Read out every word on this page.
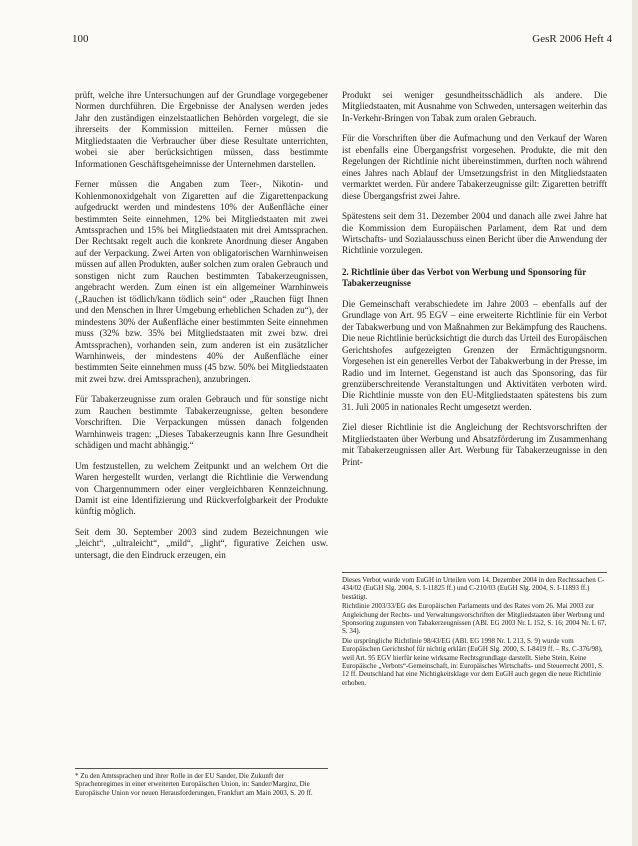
100	GesR 2006 Heft 4

prüft, welche ihre Untersuchungen auf der Grundlage vorgegebener Normen durchführen. Die Ergebnisse der Analysen werden jedes Jahr den zuständigen einzelstaatlichen Behörden vorgelegt, die sie ihrerseits der Kommission mitteilen. Ferner müssen die Mitgliedstaaten die Verbraucher über diese Resultate unterrichten, wobei sie aber berücksichtigen müssen, dass bestimmte Informationen Geschäftsgeheimnisse der Unternehmen darstellen.

Ferner müssen die Angaben zum Teer-, Nikotin- und Kohlenmonoxidgehalt von Zigaretten auf die Zigarettenpackung aufgedruckt werden und mindestens 10% der Außenfläche einer bestimmten Seite einnehmen, 12% bei Mitgliedstaaten mit zwei Amtssprachen und 15% bei Mitgliedstaaten mit drei Amtssprachen. Der Rechtsakt regelt auch die konkrete Anordnung dieser Angaben auf der Verpackung. Zwei Arten von obligatorischen Warnhinweisen müssen auf allen Produkten, außer solchen zum oralen Gebrauch und sonstigen nicht zum Rauchen bestimmten Tabakerzeugnissen, angebracht werden. Zum einen ist ein allgemeiner Warnhinweis („Rauchen ist tödlich/kann tödlich sein“ oder „Rauchen fügt Ihnen und den Menschen in Ihrer Umgebung erheblichen Schaden zu“), der mindestens 30% der Außenfläche einer bestimmten Seite einnehmen muss (32% bzw. 35% bei Mitgliedstaaten mit zwei bzw. drei Amtssprachen), vorhanden sein, zum anderen ist ein zusätzlicher Warnhinweis, der mindestens 40% der Außenfläche einer bestimmten Seite einnehmen muss (45 bzw. 50% bei Mitgliedstaaten mit zwei bzw. drei Amtssprachen), anzubringen.

Für Tabakerzeugnisse zum oralen Gebrauch und für sonstige nicht zum Rauchen bestimmte Tabakerzeugnisse, gelten besondere Vorschriften. Die Verpackungen müssen danach folgenden Warnhinweis tragen: „Dieses Tabakerzeugnis kann Ihre Gesundheit schädigen und macht abhängig.“

Um festzustellen, zu welchem Zeitpunkt und an welchem Ort die Waren hergestellt wurden, verlangt die Richtlinie die Verwendung von Chargennummern oder einer vergleichbaren Kennzeichnung. Damit ist eine Identifizierung und Rückverfolgbarkeit der Produkte künftig möglich.

Seit dem 30. September 2003 sind zudem Bezeichnungen wie „leicht“, „ultraleicht“, „mild“, „light“, figurative Zeichen usw. untersagt, die den Eindruck erzeugen, ein

* Zu den Amtssprachen und ihrer Rolle in der EU Sander, Die Zukunft der Sprachenregimes in einer erweiterten Europäischen Union, in: Sander/Marginz, Die Europäische Union vor neuen Herausforderungen, Frankfurt am Main 2003, S. 20 ff.

Produkt sei weniger gesundheitsschädlich als andere. Die Mitgliedstaaten, mit Ausnahme von Schweden, untersagen weiterhin das In-Verkehr-Bringen von Tabak zum oralen Gebrauch.

Für die Vorschriften über die Aufmachung und den Verkauf der Waren ist ebenfalls eine Übergangsfrist vorgesehen. Produkte, die mit den Regelungen der Richtlinie nicht übereinstimmen, durften noch während eines Jahres nach Ablauf der Umsetzungsfrist in den Mitgliedstaaten vermarktet werden. Für andere Tabakerzeugnisse gilt: Zigaretten betrifft diese Übergangsfrist zwei Jahre.

Spätestens seit dem 31. Dezember 2004 und danach alle zwei Jahre hat die Kommission dem Europäischen Parlament, dem Rat und dem Wirtschafts- und Sozialausschuss einen Bericht über die Anwendung der Richtlinie vorzulegen.

2. Richtlinie über das Verbot von Werbung und Sponsoring für Tabakerzeugnisse

Die Gemeinschaft verabschiedete im Jahre 2003 – ebenfalls auf der Grundlage von Art. 95 EGV – eine erweiterte Richtlinie für ein Verbot der Tabakwerbung und von Maßnahmen zur Bekämpfung des Rauchens. Die neue Richtlinie berücksichtigt die durch das Urteil des Europäischen Gerichtshofes aufgezeigten Grenzen der Ermächtigungsnorm. Vorgesehen ist ein generelles Verbot der Tabakwerbung in der Presse, im Radio und im Internet. Gegenstand ist auch das Sponsoring, das für grenzüberschreitende Veranstaltungen und Aktivitäten verboten wird. Die Richtlinie musste von den EU-Mitgliedstaaten spätestens bis zum 31. Juli 2005 in nationales Recht umgesetzt werden.

Ziel dieser Richtlinie ist die Angleichung der Rechtsvorschriften der Mitgliedstaaten über Werbung und Absatzförderung im Zusammenhang mit Tabakerzeugnissen aller Art. Werbung für Tabakerzeugnisse in den Print-

Dieses Verbot wurde vom EuGH in Urteilen vom 14. Dezember 2004 in den Rechtssachen C-434/02 (EuGH Slg. 2004, S. I-11825 ff.) und C-210/03 (EuGH Slg. 2004, S. I-11893 ff.) bestätigt.

Richtlinie 2003/33/EG des Europäischen Parlaments und des Rates vom 26. Mai 2003 zur Angleichung der Rechts- und Verwaltungsvorschriften der Mitgliedstaaten über Werbung und Sponsoring zugunsten von Tabakerzeugnissen (ABl. EG 2003 Nr. L 152, S. 16; 2004 Nr. L 67, S. 34).

Die ursprüngliche Richtlinie 98/43/EG (ABl. EG 1998 Nr. L 213, S. 9) wurde vom Europäischen Gerichtshof für nichtig erklärt (EuGH Slg. 2000, S. I-8419 ff. – Rs. C-376/98), weil Art. 95 EGV hierfür keine wirksame Rechtsgrundlage darstellt. Siehe Stein, Keine Europäische „Verbots“-Gemeinschaft, in: Europäisches Wirtschafts- und Steuerrecht 2001, S. 12 ff. Deutschland hat eine Nichtigkeitsklage vor dem EuGH auch gegen die neue Richtlinie erhoben.
